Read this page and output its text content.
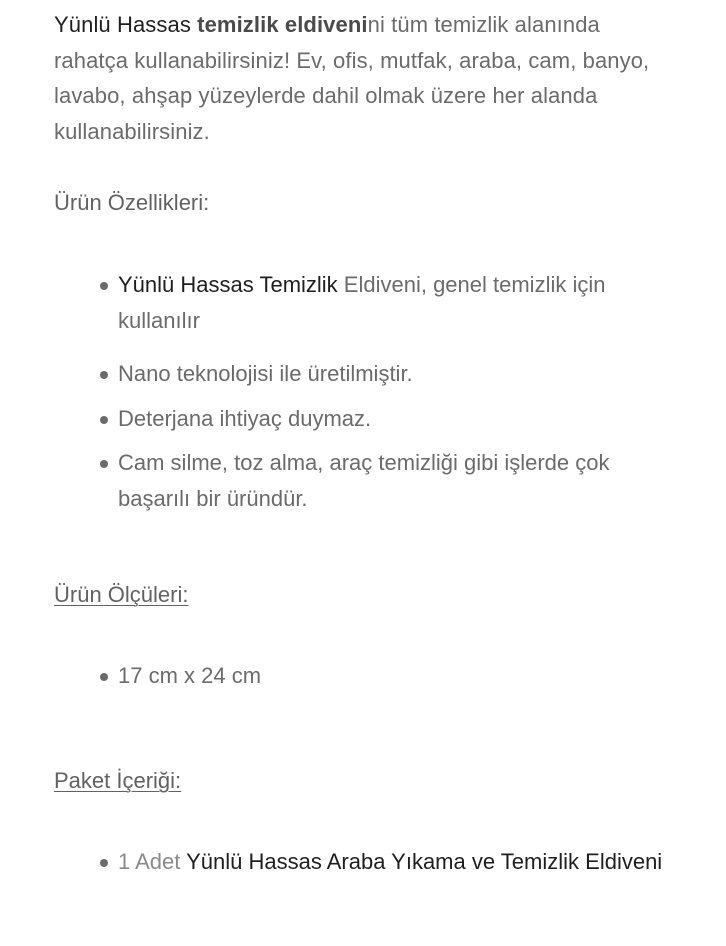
Yünlü Hassas temizlik eldivenini tüm temizlik alanında rahatça kullanabilirsiniz! Ev, ofis, mutfak, araba, cam, banyo, lavabo, ahşap yüzeylerde dahil olmak üzere her alanda kullanabilirsiniz.

Ürün Özellikleri:
Yünlü Hassas Temizlik Eldiveni, genel temizlik için kullanılır
Nano teknolojisi ile üretilmiştir.
Deterjana ihtiyaç duymaz.
Cam silme, toz alma, araç temizliği gibi işlerde çok başarılı bir üründür.
Ürün Ölçüleri:
17 cm x 24 cm
Paket İçeriği:
1 Adet Yünlü Hassas Araba Yıkama ve Temizlik Eldiveni
